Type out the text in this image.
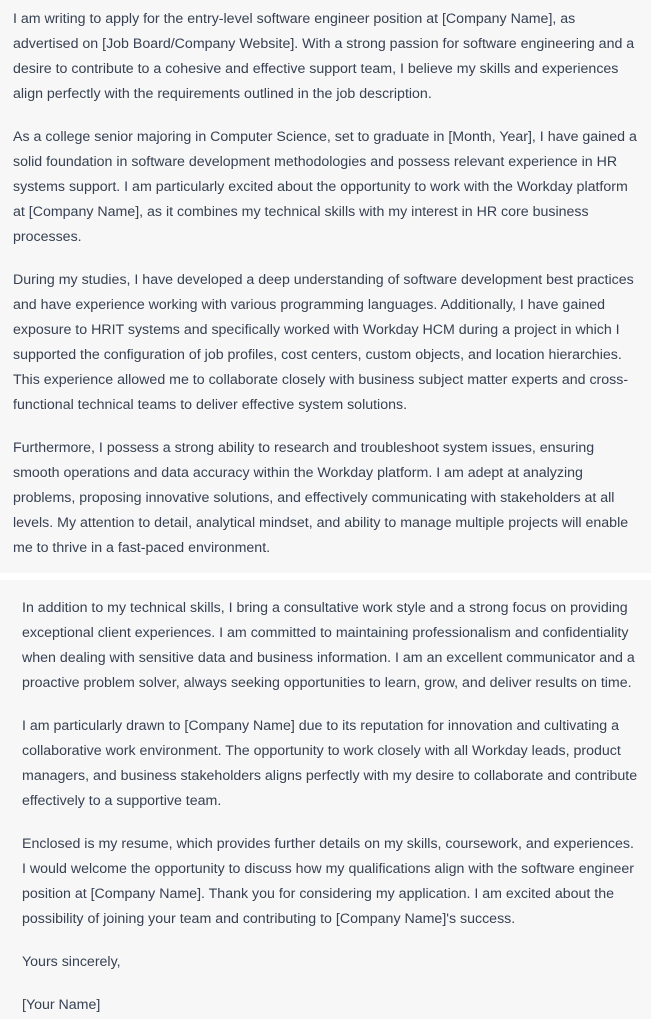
I am writing to apply for the entry-level software engineer position at [Company Name], as advertised on [Job Board/Company Website]. With a strong passion for software engineering and a desire to contribute to a cohesive and effective support team, I believe my skills and experiences align perfectly with the requirements outlined in the job description.

As a college senior majoring in Computer Science, set to graduate in [Month, Year], I have gained a solid foundation in software development methodologies and possess relevant experience in HR systems support. I am particularly excited about the opportunity to work with the Workday platform at [Company Name], as it combines my technical skills with my interest in HR core business processes.

During my studies, I have developed a deep understanding of software development best practices and have experience working with various programming languages. Additionally, I have gained exposure to HRIT systems and specifically worked with Workday HCM during a project in which I supported the configuration of job profiles, cost centers, custom objects, and location hierarchies. This experience allowed me to collaborate closely with business subject matter experts and cross-functional technical teams to deliver effective system solutions.

Furthermore, I possess a strong ability to research and troubleshoot system issues, ensuring smooth operations and data accuracy within the Workday platform. I am adept at analyzing problems, proposing innovative solutions, and effectively communicating with stakeholders at all levels. My attention to detail, analytical mindset, and ability to manage multiple projects will enable me to thrive in a fast-paced environment.

In addition to my technical skills, I bring a consultative work style and a strong focus on providing exceptional client experiences. I am committed to maintaining professionalism and confidentiality when dealing with sensitive data and business information. I am an excellent communicator and a proactive problem solver, always seeking opportunities to learn, grow, and deliver results on time.

I am particularly drawn to [Company Name] due to its reputation for innovation and cultivating a collaborative work environment. The opportunity to work closely with all Workday leads, product managers, and business stakeholders aligns perfectly with my desire to collaborate and contribute effectively to a supportive team.

Enclosed is my resume, which provides further details on my skills, coursework, and experiences. I would welcome the opportunity to discuss how my qualifications align with the software engineer position at [Company Name]. Thank you for considering my application. I am excited about the possibility of joining your team and contributing to [Company Name]'s success.

Yours sincerely,

[Your Name]
